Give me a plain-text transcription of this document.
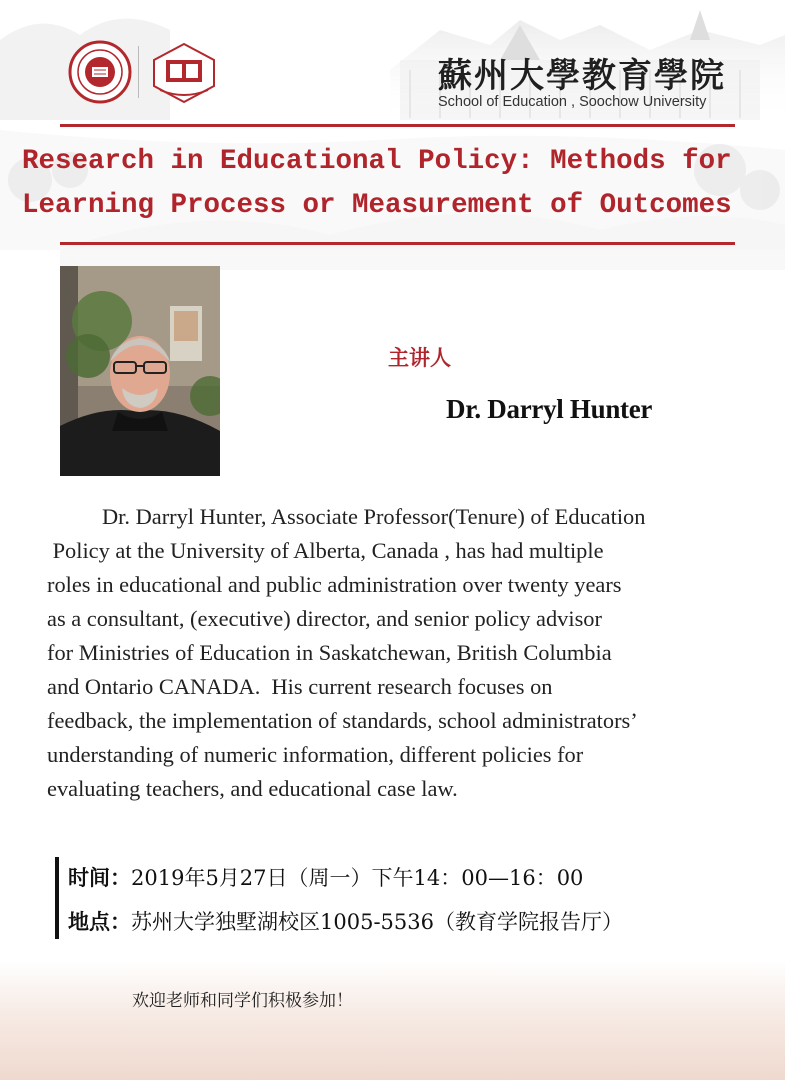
蘇州大學教育學院
School of Education , Soochow University
Research in Educational Policy: Methods for
Learning Process or Measurement of Outcomes
主讲人
Dr. Darryl Hunter
Dr. Darryl Hunter, Associate Professor(Tenure) of Education
Policy at the University of Alberta, Canada , has had multiple
roles in educational and public administration over twenty years
as a consultant, (executive) director, and senior policy advisor
for Ministries of Education in Saskatchewan, British Columbia
and Ontario CANADA.  His current research focuses on
feedback, the implementation of standards, school administrators’
understanding of numeric information, different policies for
evaluating teachers, and educational case law.
时间：2019年5月27日（周一）下午14：00—16：00
地点：苏州大学独墅湖校区1005-5536（教育学院报告厅）
欢迎老师和同学们积极参加！
